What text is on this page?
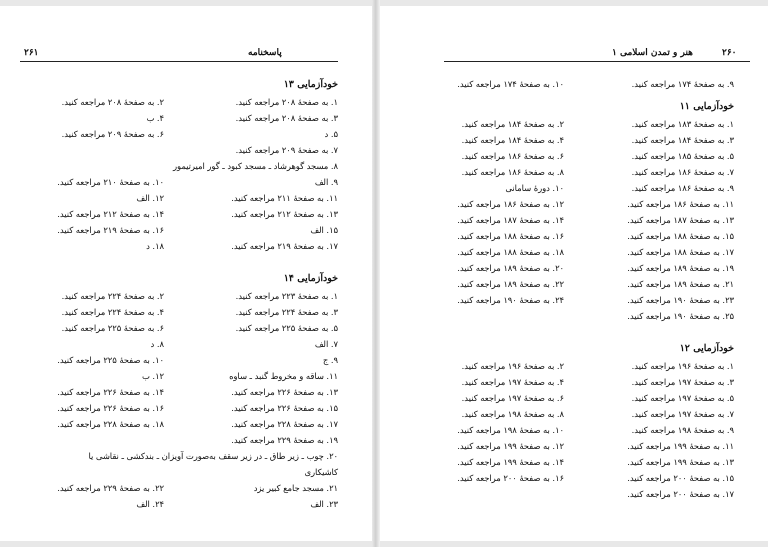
پاسخنامه
۲۶۱
خودآزمایی ۱۳
۱. به صفحهٔ ۲۰۸ مراجعه کنید.
۳. به صفحهٔ ۲۰۸ مراجعه کنید.
۵. د
۷. به صفحهٔ ۲۰۹ مراجعه کنید.
۸. مسجد گوهرشاد ـ مسجد کبود ـ گور امیرتیمور
۹. الف
۱۱. به صفحهٔ ۲۱۱ مراجعه کنید.
۱۳. به صفحهٔ ۲۱۲ مراجعه کنید.
۱۵. الف
۱۷. به صفحهٔ ۲۱۹ مراجعه کنید.
خودآزمایی ۱۴
۱. به صفحهٔ ۲۲۳ مراجعه کنید.
۳. به صفحهٔ ۲۲۴ مراجعه کنید.
۵. به صفحهٔ ۲۲۵ مراجعه کنید.
۷. الف
۹. ج
۱۱. ساقه و مخروط گنبد ـ ساوه
۱۳. به صفحهٔ ۲۲۶ مراجعه کنید.
۱۵. به صفحهٔ ۲۲۶ مراجعه کنید.
۱۷. به صفحهٔ ۲۲۸ مراجعه کنید.
۱۹. به صفحهٔ ۲۲۹ مراجعه کنید.
۲۰. چوب ـ زیر طاق ـ در زیر سقف به‌صورت آویزان ـ بندکشی ـ نقاشی یا
کاشیکاری
۲۱. مسجد جامع کبیر یزد
۲۳. الف
۲. به صفحهٔ ۲۰۸ مراجعه کنید.
۴. ب
۶. به صفحهٔ ۲۰۹ مراجعه کنید.
۱۰. به صفحهٔ ۲۱۰ مراجعه کنید.
۱۲. الف
۱۴. به صفحهٔ ۲۱۲ مراجعه کنید.
۱۶. به صفحهٔ ۲۱۹ مراجعه کنید.
۱۸. د
۲. به صفحهٔ ۲۲۴ مراجعه کنید.
۴. به صفحهٔ ۲۲۴ مراجعه کنید.
۶. به صفحهٔ ۲۲۵ مراجعه کنید.
۸. د
۱۰. به صفحهٔ ۲۲۵ مراجعه کنید.
۱۲. ب
۱۴. به صفحهٔ ۲۲۶ مراجعه کنید.
۱۶. به صفحهٔ ۲۲۶ مراجعه کنید.
۱۸. به صفحهٔ ۲۲۸ مراجعه کنید.
۲۲. به صفحهٔ ۲۲۹ مراجعه کنید.
۲۴. الف
هنر و تمدن اسلامی ۱	۲۶۰
۹. به صفحهٔ ۱۷۴ مراجعه کنید.
خودآزمایی ۱۱
۱. به صفحهٔ ۱۸۳ مراجعه کنید.
۳. به صفحهٔ ۱۸۴ مراجعه کنید.
۵. به صفحهٔ ۱۸۵ مراجعه کنید.
۷. به صفحهٔ ۱۸۶ مراجعه کنید.
۹. به صفحهٔ ۱۸۶ مراجعه کنید.
۱۱. به صفحهٔ ۱۸۶ مراجعه کنید.
۱۳. به صفحهٔ ۱۸۷ مراجعه کنید.
۱۵. به صفحهٔ ۱۸۸ مراجعه کنید.
۱۷. به صفحهٔ ۱۸۸ مراجعه کنید.
۱۹. به صفحهٔ ۱۸۹ مراجعه کنید.
۲۱. به صفحهٔ ۱۸۹ مراجعه کنید.
۲۳. به صفحهٔ ۱۹۰ مراجعه کنید.
۲۵. به صفحهٔ ۱۹۰ مراجعه کنید.
خودآزمایی ۱۲
۱. به صفحهٔ ۱۹۶ مراجعه کنید.
۳. به صفحهٔ ۱۹۷ مراجعه کنید.
۵. به صفحهٔ ۱۹۷ مراجعه کنید.
۷. به صفحهٔ ۱۹۷ مراجعه کنید.
۹. به صفحهٔ ۱۹۸ مراجعه کنید.
۱۱. به صفحهٔ ۱۹۹ مراجعه کنید.
۱۳. به صفحهٔ ۱۹۹ مراجعه کنید.
۱۵. به صفحهٔ ۲۰۰ مراجعه کنید.
۱۷. به صفحهٔ ۲۰۰ مراجعه کنید.
۱۰. به صفحهٔ ۱۷۴ مراجعه کنید.
۲. به صفحهٔ ۱۸۴ مراجعه کنید.
۴. به صفحهٔ ۱۸۴ مراجعه کنید.
۶. به صفحهٔ ۱۸۶ مراجعه کنید.
۸. به صفحهٔ ۱۸۶ مراجعه کنید.
۱۰. دورهٔ سامانی
۱۲. به صفحهٔ ۱۸۶ مراجعه کنید.
۱۴. به صفحهٔ ۱۸۷ مراجعه کنید.
۱۶. به صفحهٔ ۱۸۸ مراجعه کنید.
۱۸. به صفحهٔ ۱۸۸ مراجعه کنید.
۲۰. به صفحهٔ ۱۸۹ مراجعه کنید.
۲۲. به صفحهٔ ۱۸۹ مراجعه کنید.
۲۴. به صفحهٔ ۱۹۰ مراجعه کنید.
۲. به صفحهٔ ۱۹۶ مراجعه کنید.
۴. به صفحهٔ ۱۹۷ مراجعه کنید.
۶. به صفحهٔ ۱۹۷ مراجعه کنید.
۸. به صفحهٔ ۱۹۸ مراجعه کنید.
۱۰. به صفحهٔ ۱۹۸ مراجعه کنید.
۱۲. به صفحهٔ ۱۹۹ مراجعه کنید.
۱۴. به صفحهٔ ۱۹۹ مراجعه کنید.
۱۶. به صفحهٔ ۲۰۰ مراجعه کنید.
